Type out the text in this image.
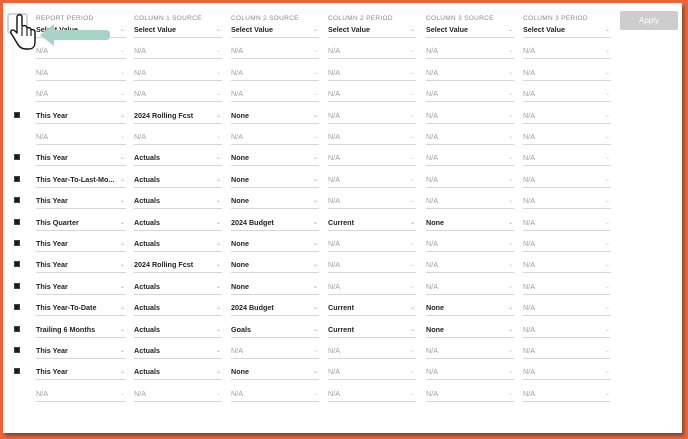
REPORT PERIOD	COLUMN 1 SOURCE	COLUMN 2 SOURCE	COLUMN 2 PERIOD	COLUMN 3 SOURCE	COLUMN 3 PERIOD	Apply
Select Value	⌄ Select Value	⌄ Select Value	⌄ Select Value	⌄ Select Value	⌄ Select Value	⌄
N/A	⌄ N/A	⌄ N/A	⌄ N/A	⌄ N/A	⌄ N/A	⌄
N/A	⌄ N/A	⌄ N/A	⌄ N/A	⌄ N/A	⌄ N/A	⌄
N/A	⌄ N/A	⌄ N/A	⌄ N/A	⌄ N/A	⌄ N/A	⌄
This Year	⌄ 2024 Rolling Fcst	⌄ None	⌄ N/A	⌄ N/A	⌄ N/A	⌄
N/A	⌄ N/A	⌄ N/A	⌄ N/A	⌄ N/A	⌄ N/A	⌄
This Year	⌄ Actuals	⌄ None	⌄ N/A	⌄ N/A	⌄ N/A	⌄
This Year-To-Last-Mo... ⌄ Actuals	⌄ None	⌄ N/A	⌄ N/A	⌄ N/A	⌄
This Year	⌄ Actuals	⌄ None	⌄ N/A	⌄ N/A	⌄ N/A	⌄
This Quarter	⌄ Actuals	⌄ 2024 Budget	⌄ Current	⌄ None	⌄ N/A	⌄
This Year	⌄ Actuals	⌄ None	⌄ N/A	⌄ N/A	⌄ N/A	⌄
This Year	⌄ 2024 Rolling Fcst	⌄ None	⌄ N/A	⌄ N/A	⌄ N/A	⌄
This Year	⌄ Actuals	⌄ None	⌄ N/A	⌄ N/A	⌄ N/A	⌄
This Year-To-Date	⌄ Actuals	⌄ 2024 Budget	⌄ Current	⌄ None	⌄ N/A	⌄
Trailing 6 Months	⌄ Actuals	⌄ Goals	⌄ Current	⌄ None	⌄ N/A	⌄
This Year	⌄ Actuals	⌄ N/A	⌄ N/A	⌄ N/A	⌄ N/A	⌄
This Year	⌄ Actuals	⌄ None	⌄ N/A	⌄ N/A	⌄ N/A	⌄
N/A	⌄ N/A	⌄ N/A	⌄ N/A	⌄ N/A	⌄ N/A	⌄
